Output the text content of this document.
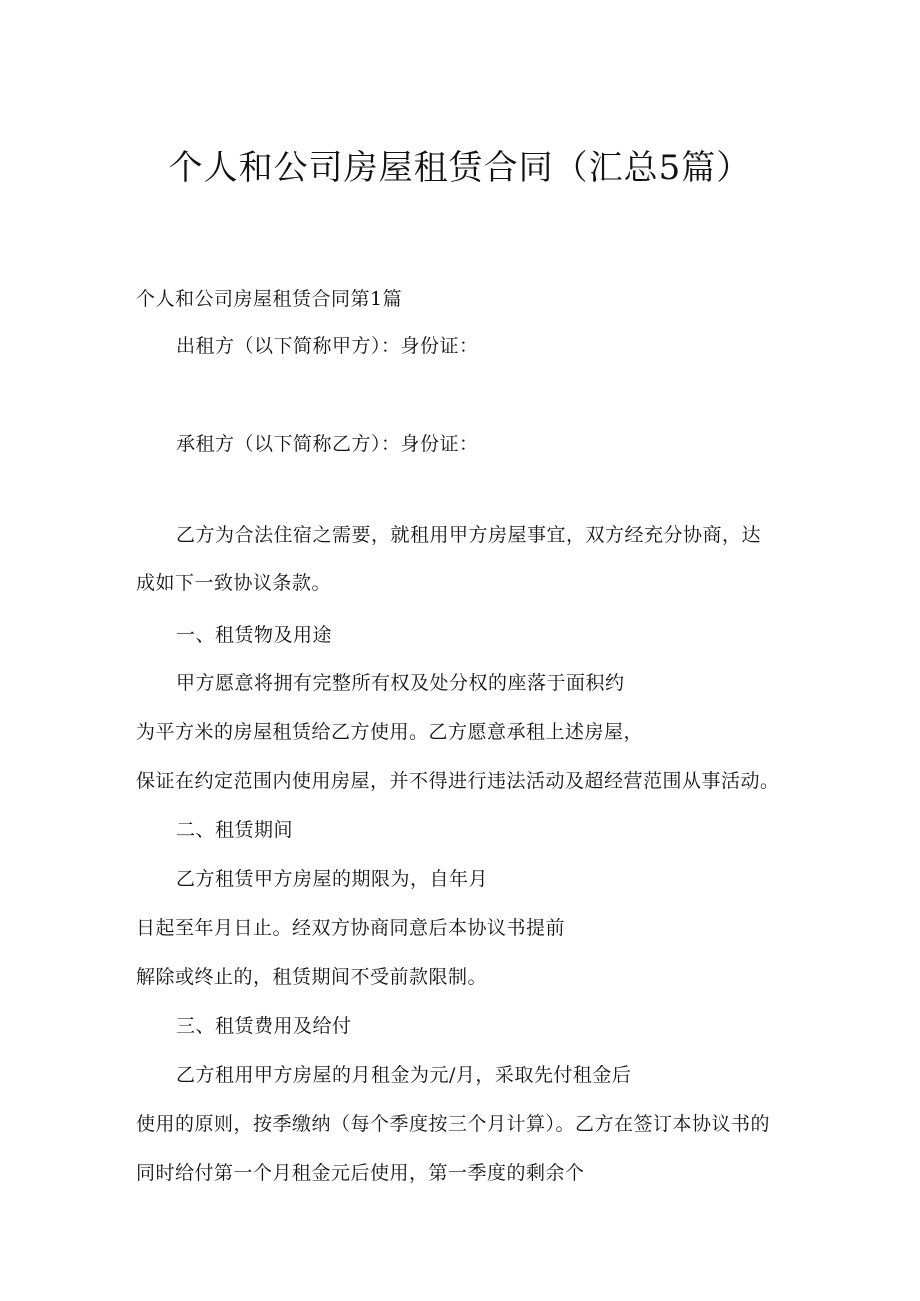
个人和公司房屋租赁合同（汇总5篇）

个人和公司房屋租赁合同第1篇

出租方（以下简称甲方）：身份证：

承租方（以下简称乙方）：身份证：

乙方为合法住宿之需要，就租用甲方房屋事宜，双方经充分协商，达

成如下一致协议条款。

一、租赁物及用途

甲方愿意将拥有完整所有权及处分权的座落于面积约

为平方米的房屋租赁给乙方使用。乙方愿意承租上述房屋，

保证在约定范围内使用房屋，并不得进行违法活动及超经营范围从事活动。

二、租赁期间

乙方租赁甲方房屋的期限为，自年月

日起至年月日止。经双方协商同意后本协议书提前

解除或终止的，租赁期间不受前款限制。

三、租赁费用及给付

乙方租用甲方房屋的月租金为元/月，采取先付租金后

使用的原则，按季缴纳（每个季度按三个月计算）。乙方在签订本协议书的

同时给付第一个月租金元后使用，第一季度的剩余个
